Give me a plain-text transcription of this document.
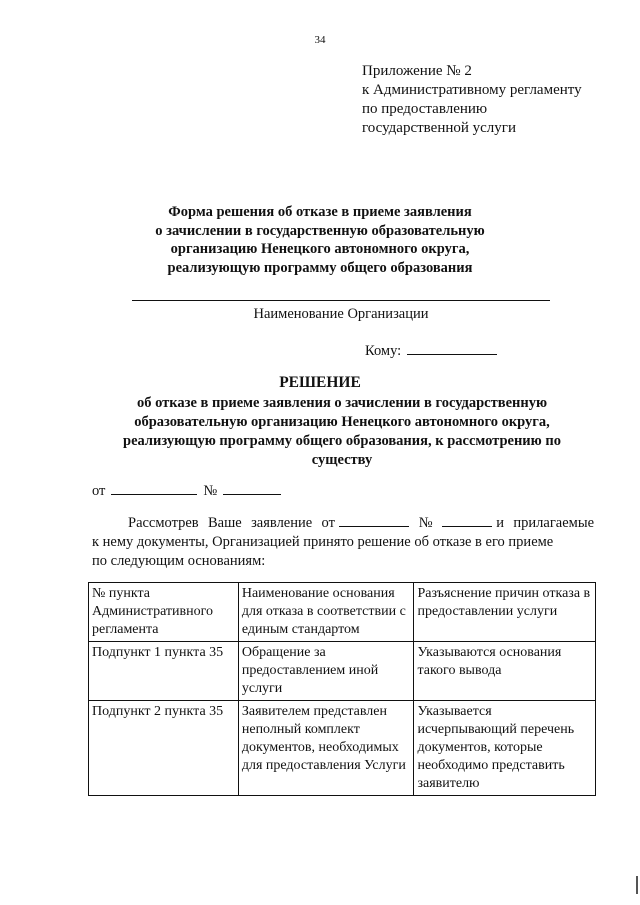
34
Приложение № 2
к Административному регламенту
по предоставлению
государственной услуги
Форма решения об отказе в приеме заявления
о зачислении в государственную образовательную
организацию Ненецкого автономного округа,
реализующую программу общего образования
Наименование Организации
Кому:
РЕШЕНИЕ
об отказе в приеме заявления о зачислении в государственную
образовательную организацию Ненецкого автономного округа,
реализующую программу общего образования, к рассмотрению по
существу
от	№
Рассмотрев Ваше заявление от	№	и прилагаемые
к нему документы, Организацией принято решение об отказе в его приеме
по следующим основаниям:
№ пункта Административного регламента	Наименование основания для отказа в соответствии с единым стандартом	Разъяснение причин отказа в предоставлении услуги
Подпункт 1 пункта 35	Обращение за предоставлением иной услуги	Указываются основания такого вывода
Подпункт 2 пункта 35	Заявителем представлен неполный комплект документов, необходимых для предоставления Услуги	Указывается исчерпывающий перечень документов, которые необходимо представить заявителю
